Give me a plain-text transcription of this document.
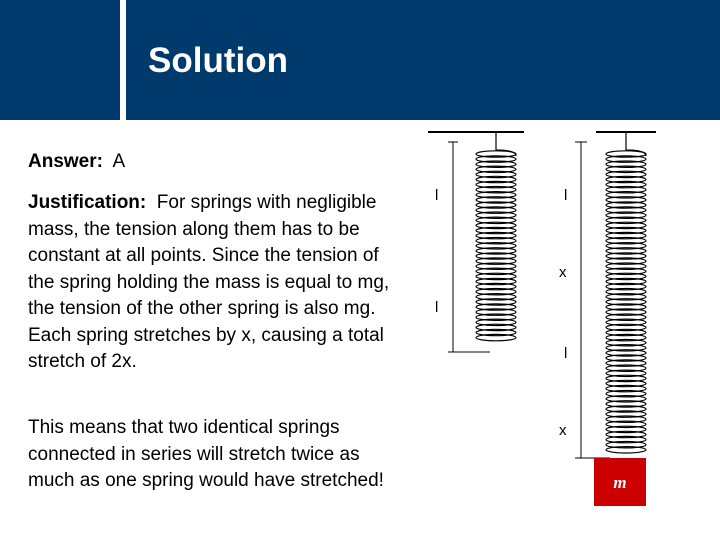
Solution
Answer: A

Justification: For springs with negligible mass, the tension along them has to be constant at all points. Since the tension of the spring holding the mass is equal to mg, the tension of the other spring is also mg. Each spring stretches by x, causing a total stretch of 2x.

This means that two identical springs connected in series will stretch twice as much as one spring would have stretched!

l
l
l
x
l
x
m
